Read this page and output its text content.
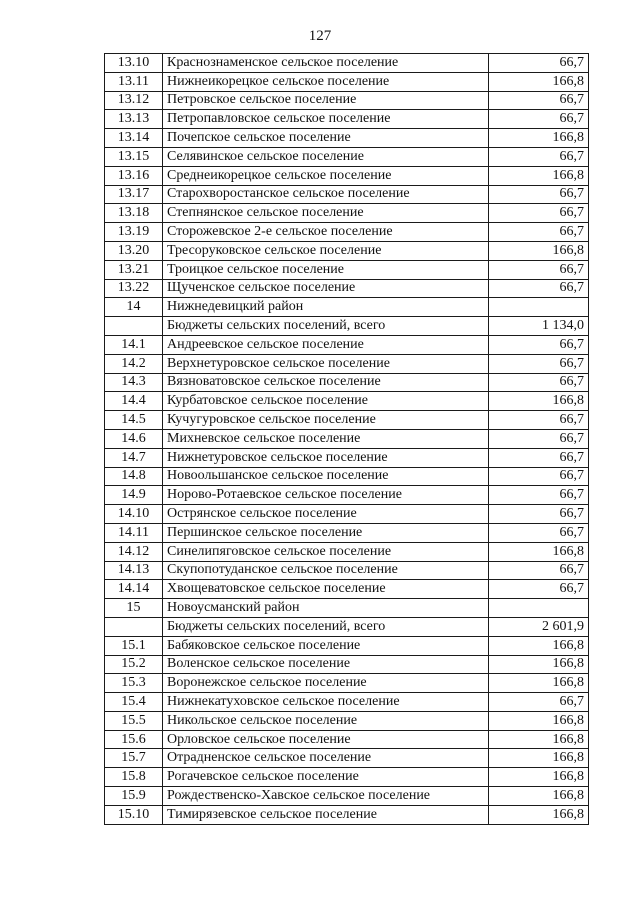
127
13.10	Краснознаменское сельское поселение	66,7
13.11	Нижнеикорецкое сельское поселение	166,8
13.12	Петровское сельское поселение	66,7
13.13	Петропавловское сельское поселение	66,7
13.14	Почепское сельское поселение	166,8
13.15	Селявинское сельское поселение	66,7
13.16	Среднеикорецкое сельское поселение	166,8
13.17	Старохворостанское сельское поселение	66,7
13.18	Степнянское сельское поселение	66,7
13.19	Сторожевское 2-е сельское поселение	66,7
13.20	Тресоруковское сельское поселение	166,8
13.21	Троицкое сельское поселение	66,7
13.22	Щученское сельское поселение	66,7
14	Нижнедевицкий район	
	Бюджеты сельских поселений, всего	1 134,0
14.1	Андреевское сельское поселение	66,7
14.2	Верхнетуровское сельское поселение	66,7
14.3	Вязноватовское сельское поселение	66,7
14.4	Курбатовское сельское поселение	166,8
14.5	Кучугуровское сельское поселение	66,7
14.6	Михневское сельское поселение	66,7
14.7	Нижнетуровское сельское поселение	66,7
14.8	Новоольшанское сельское поселение	66,7
14.9	Норово-Ротаевское сельское поселение	66,7
14.10	Острянское сельское поселение	66,7
14.11	Першинское сельское поселение	66,7
14.12	Синелипяговское сельское поселение	166,8
14.13	Скупопотуданское сельское поселение	66,7
14.14	Хвощеватовское сельское поселение	66,7
15	Новоусманский район	
	Бюджеты сельских поселений, всего	2 601,9
15.1	Бабяковское сельское поселение	166,8
15.2	Воленское сельское поселение	166,8
15.3	Воронежское сельское поселение	166,8
15.4	Нижнекатуховское сельское поселение	66,7
15.5	Никольское сельское поселение	166,8
15.6	Орловское сельское поселение	166,8
15.7	Отрадненское сельское поселение	166,8
15.8	Рогачевское сельское поселение	166,8
15.9	Рождественско-Хавское сельское поселение	166,8
15.10	Тимирязевское сельское поселение	166,8
